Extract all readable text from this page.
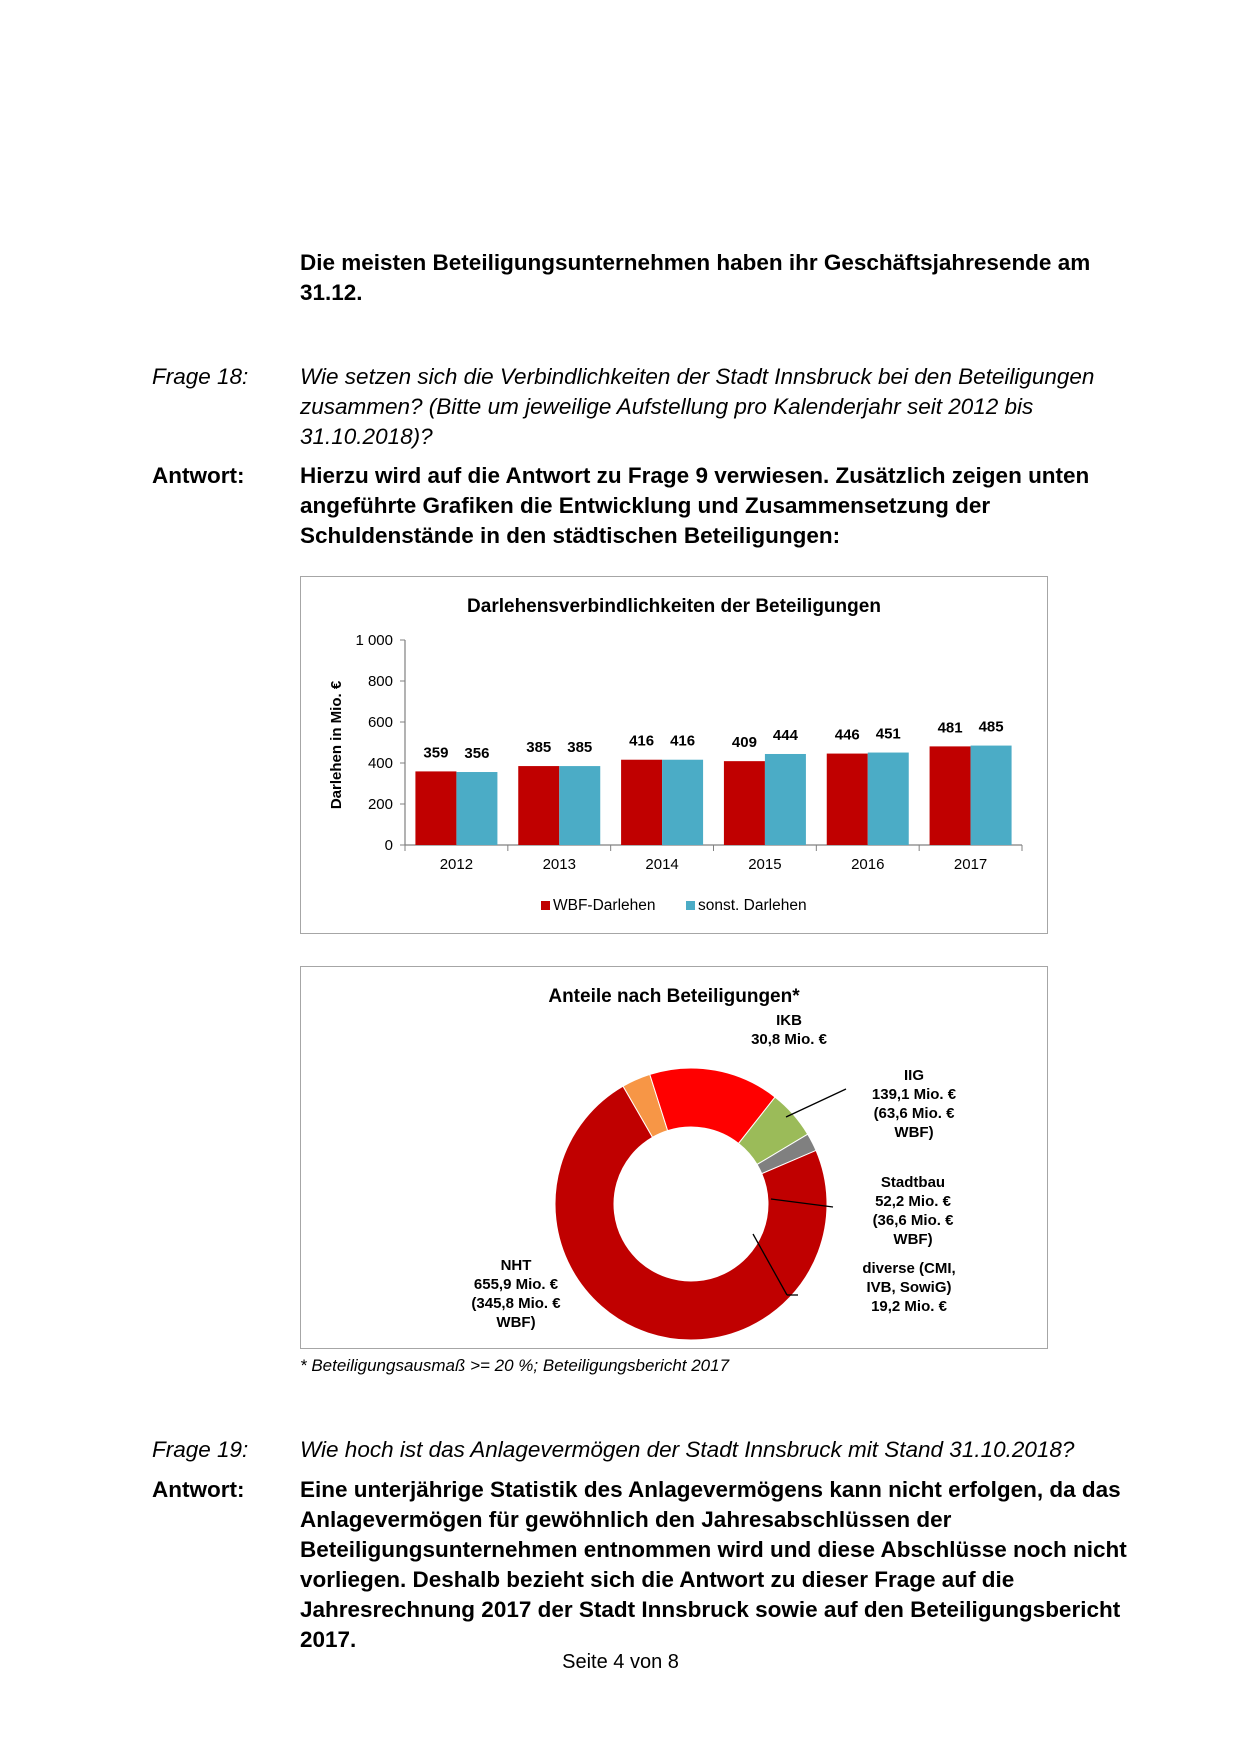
Die meisten Beteiligungsunternehmen haben ihr Geschäftsjahresende am 31.12.
Frage 18: Wie setzen sich die Verbindlichkeiten der Stadt Innsbruck bei den Beteiligungen zusammen? (Bitte um jeweilige Aufstellung pro Kalenderjahr seit 2012 bis 31.10.2018)?
Antwort: Hierzu wird auf die Antwort zu Frage 9 verwiesen. Zusätzlich zeigen unten angeführte Grafiken die Entwicklung und Zusammensetzung der Schuldenstände in den städtischen Beteiligungen:
Darlehensverbindlichkeiten der Beteiligungen
Darlehen in Mio. €
0
200
400
600
800
1 000
2012	2013	2014	2015	2016	2017
359 356 385 385 416 416 409 444 446 451 481 485
WBF-Darlehen	sonst. Darlehen
Anteile nach Beteiligungen*
IKB 30,8 Mio. €
IIG 139,1 Mio. € (63,6 Mio. € WBF)
Stadtbau 52,2 Mio. € (36,6 Mio. € WBF)
diverse (CMI, IVB, SowiG) 19,2 Mio. €
NHT 655,9 Mio. € (345,8 Mio. € WBF)
* Beteiligungsausmaß >= 20 %; Beteiligungsbericht 2017
Frage 19: Wie hoch ist das Anlagevermögen der Stadt Innsbruck mit Stand 31.10.2018?
Antwort: Eine unterjährige Statistik des Anlagevermögens kann nicht erfolgen, da das Anlagevermögen für gewöhnlich den Jahresabschlüssen der Beteiligungsunternehmen entnommen wird und diese Abschlüsse noch nicht vorliegen. Deshalb bezieht sich die Antwort zu dieser Frage auf die Jahresrechnung 2017 der Stadt Innsbruck sowie auf den Beteiligungsbericht 2017.
Seite 4 von 8
